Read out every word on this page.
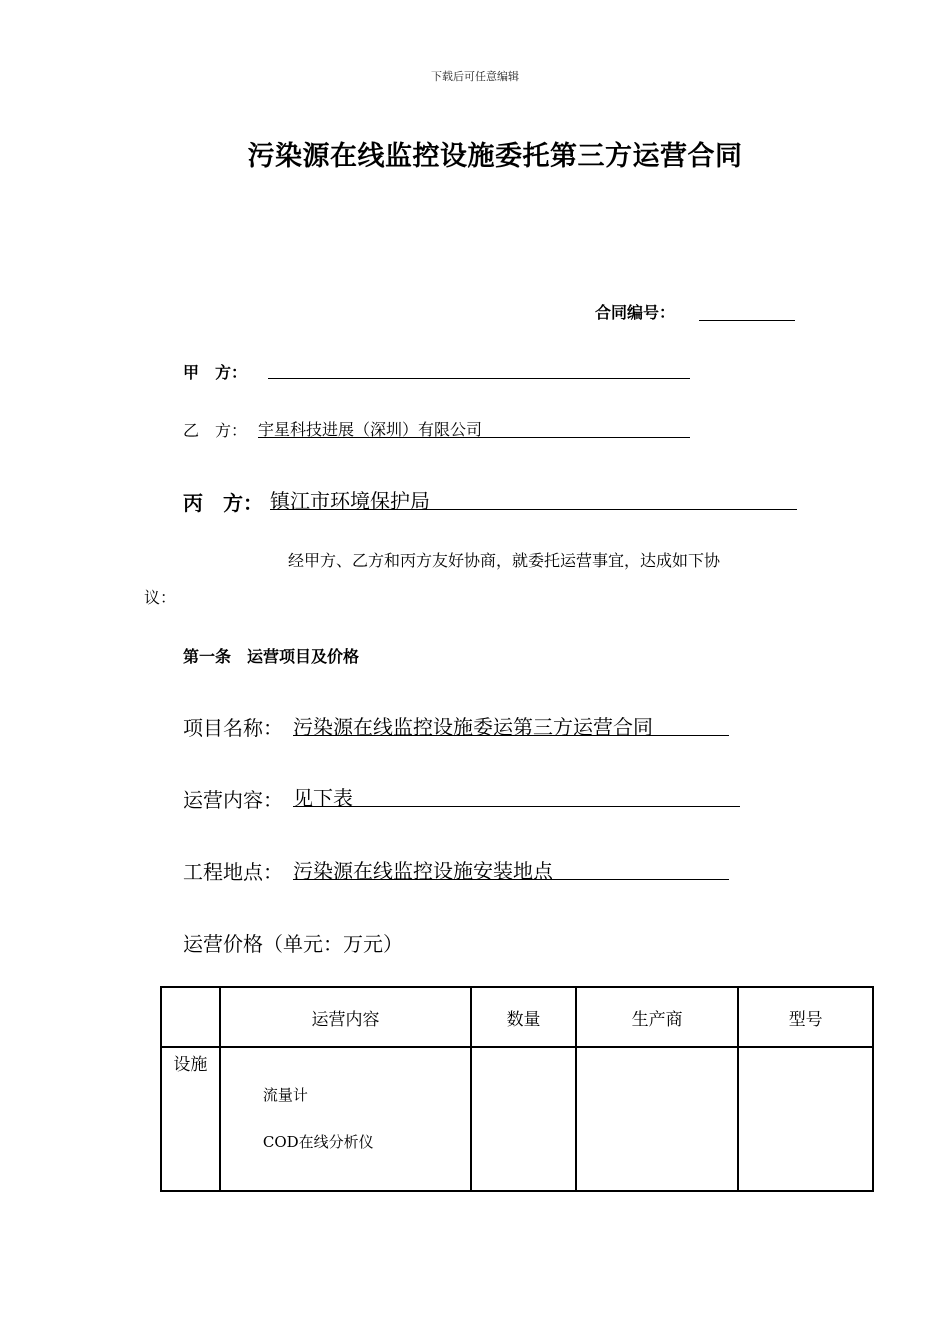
下载后可任意编辑
污染源在线监控设施委托第三方运营合同
合同编号：
甲　方：
乙　方： 宇星科技进展（深圳）有限公司
丙　方： 镇江市环境保护局
经甲方、乙方和丙方友好协商，就委托运营事宜，达成如下协
议：
第一条　运营项目及价格
项目名称： 污染源在线监控设施委运第三方运营合同
运营内容： 见下表
工程地点： 污染源在线监控设施安装地点
运营价格（单元：万元）
	运营内容	数量	生产商	型号
设施	流量计
COD在线分析仪			
